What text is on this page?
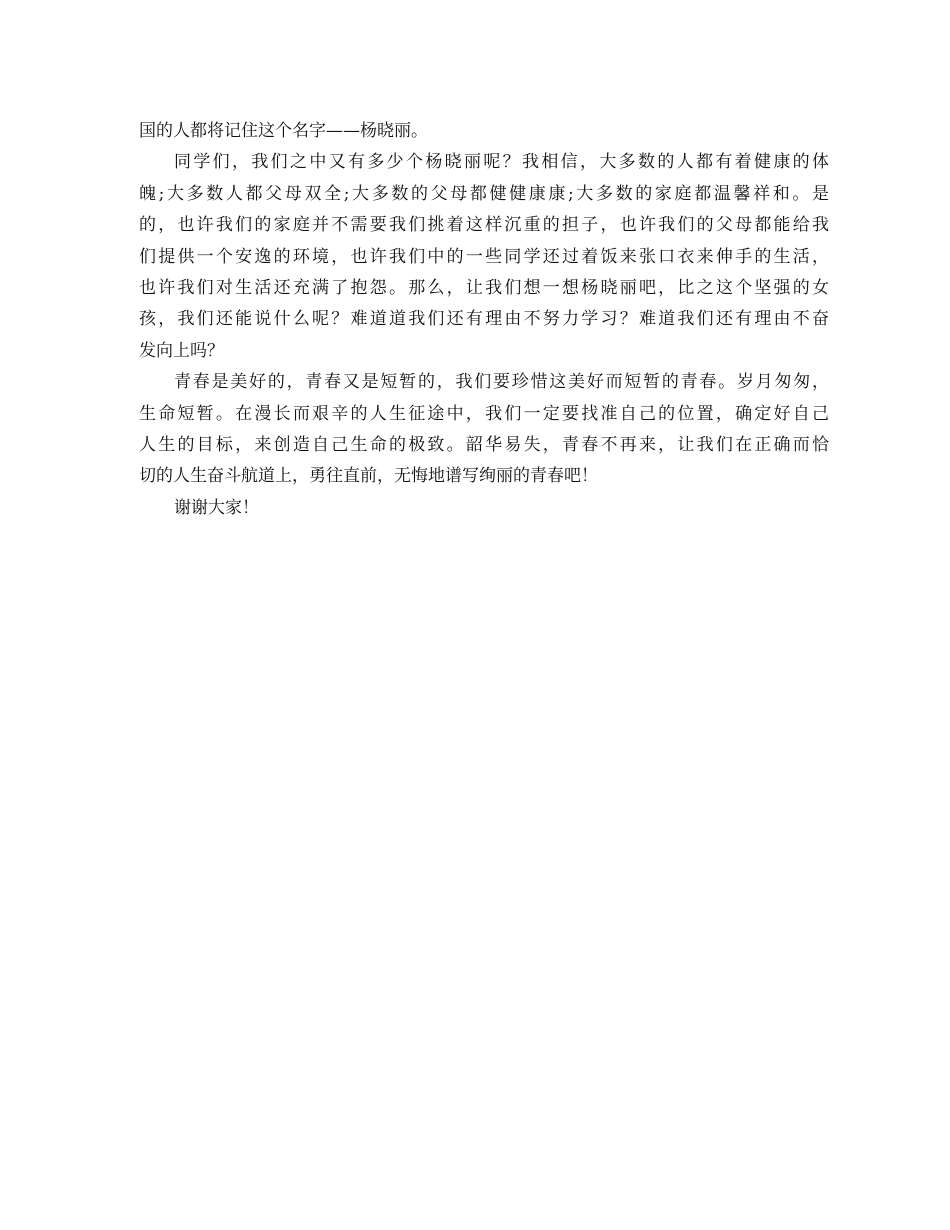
国的人都将记住这个名字——杨晓丽。
同学们，我们之中又有多少个杨晓丽呢？我相信，大多数的人都有着健康的体
魄;大多数人都父母双全;大多数的父母都健健康康;大多数的家庭都温馨祥和。是
的，也许我们的家庭并不需要我们挑着这样沉重的担子，也许我们的父母都能给我
们提供一个安逸的环境，也许我们中的一些同学还过着饭来张口衣来伸手的生活，
也许我们对生活还充满了抱怨。那么，让我们想一想杨晓丽吧，比之这个坚强的女
孩，我们还能说什么呢？难道道我们还有理由不努力学习？难道我们还有理由不奋
发向上吗？
青春是美好的，青春又是短暂的，我们要珍惜这美好而短暂的青春。岁月匆匆，
生命短暂。在漫长而艰辛的人生征途中，我们一定要找准自己的位置，确定好自己
人生的目标，来创造自己生命的极致。韶华易失，青春不再来，让我们在正确而恰
切的人生奋斗航道上，勇往直前，无悔地谱写绚丽的青春吧！
谢谢大家！
